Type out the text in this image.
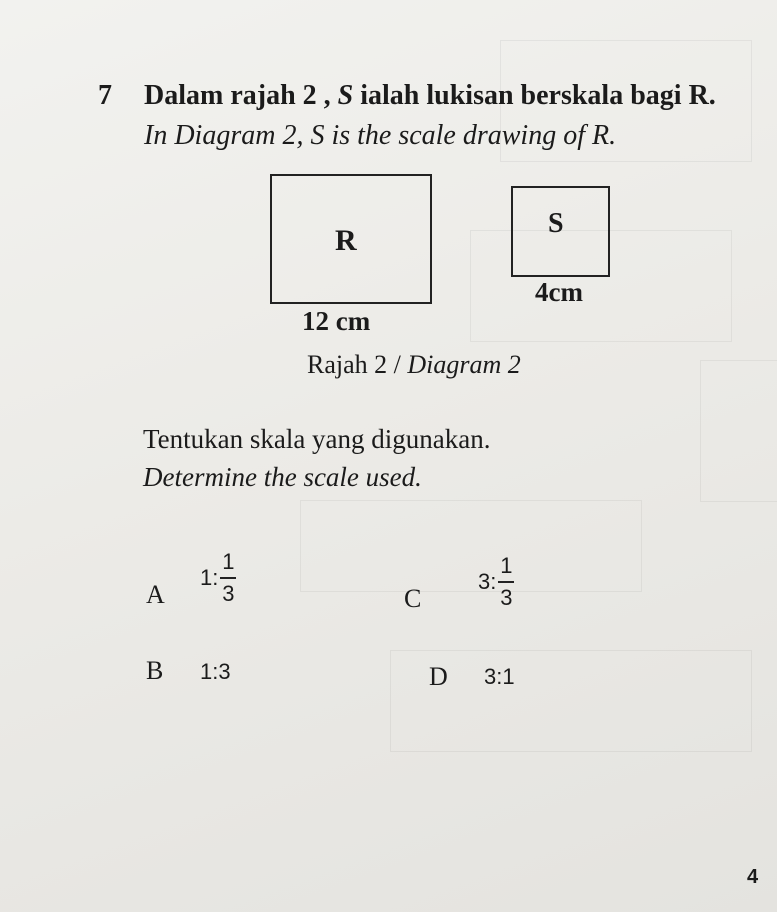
7 Dalam rajah 2 , S ialah lukisan berskala bagi R.
In Diagram 2, S is the scale drawing of R.
R
12 cm
S
4cm
Rajah 2 / Diagram 2
Tentukan skala yang digunakan.
Determine the scale used.
A
1: $\frac{1}{3}$	C
3: $\frac{1}{3}$
B 1:3	D 3:1
4
